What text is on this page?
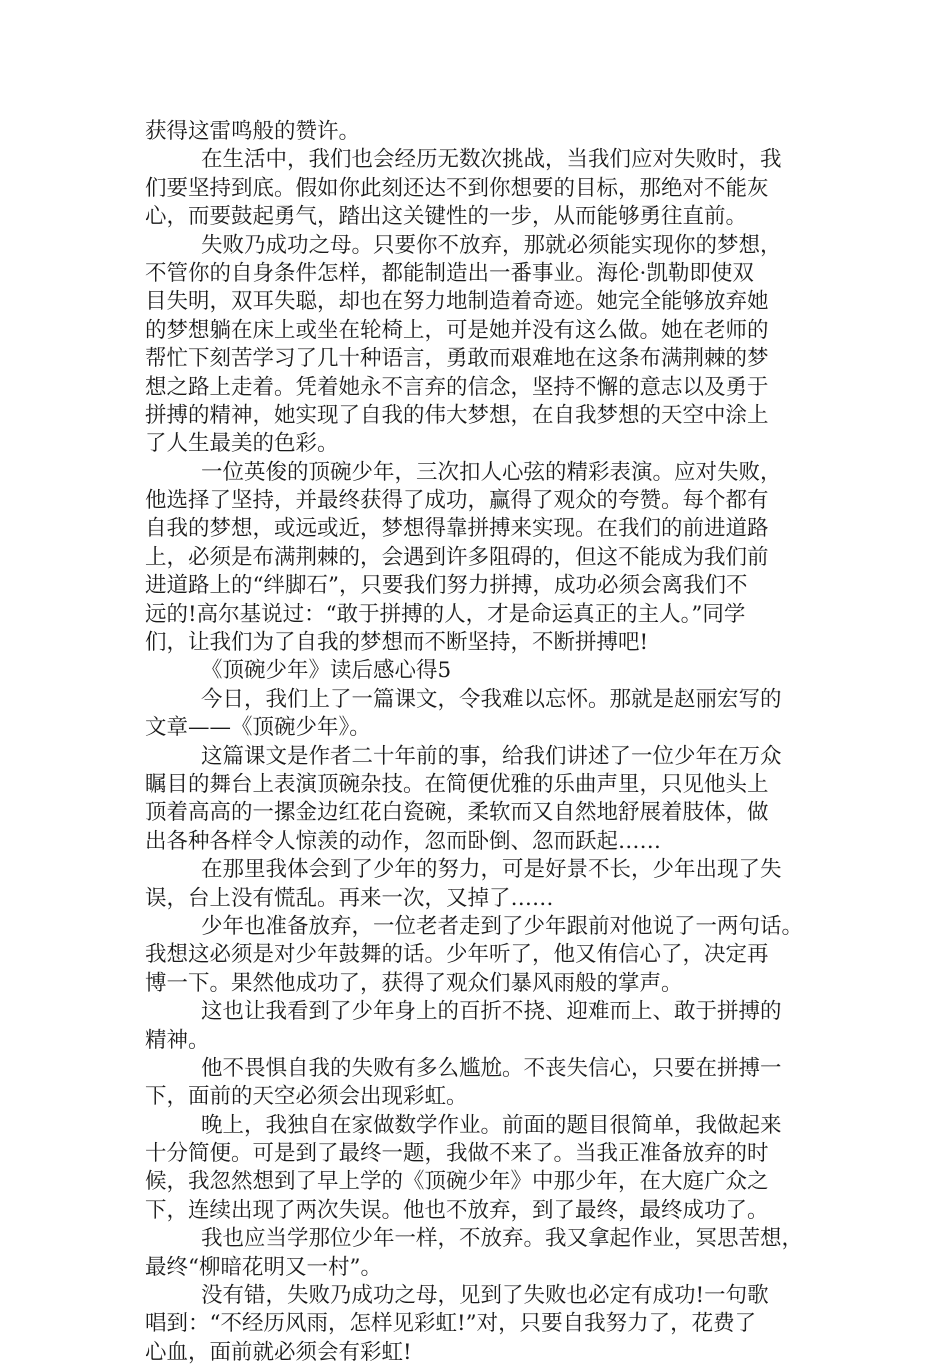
获得这雷鸣般的赞许。
在生活中，我们也会经历无数次挑战，当我们应对失败时，我
们要坚持到底。假如你此刻还达不到你想要的目标，那绝对不能灰
心，而要鼓起勇气，踏出这关键性的一步，从而能够勇往直前。
失败乃成功之母。只要你不放弃，那就必须能实现你的梦想，
不管你的自身条件怎样，都能制造出一番事业。海伦·凯勒即使双
目失明，双耳失聪，却也在努力地制造着奇迹。她完全能够放弃她
的梦想躺在床上或坐在轮椅上，可是她并没有这么做。她在老师的
帮忙下刻苦学习了几十种语言，勇敢而艰难地在这条布满荆棘的梦
想之路上走着。凭着她永不言弃的信念，坚持不懈的意志以及勇于
拼搏的精神，她实现了自我的伟大梦想，在自我梦想的天空中涂上
了人生最美的色彩。
一位英俊的顶碗少年，三次扣人心弦的精彩表演。应对失败，
他选择了坚持，并最终获得了成功，赢得了观众的夸赞。每个都有
自我的梦想，或远或近，梦想得靠拼搏来实现。在我们的前进道路
上，必须是布满荆棘的，会遇到许多阻碍的，但这不能成为我们前
进道路上的“绊脚石”，只要我们努力拼搏，成功必须会离我们不
远的!高尔基说过：“敢于拼搏的人，才是命运真正的主人。”同学
们，让我们为了自我的梦想而不断坚持，不断拼搏吧!
《顶碗少年》读后感心得5
今日，我们上了一篇课文，令我难以忘怀。那就是赵丽宏写的
文章——《顶碗少年》。
这篇课文是作者二十年前的事，给我们讲述了一位少年在万众
瞩目的舞台上表演顶碗杂技。在简便优雅的乐曲声里，只见他头上
顶着高高的一摞金边红花白瓷碗，柔软而又自然地舒展着肢体，做
出各种各样令人惊羡的动作，忽而卧倒、忽而跃起……
在那里我体会到了少年的努力，可是好景不长，少年出现了失
误，台上没有慌乱。再来一次，又掉了……
少年也准备放弃，一位老者走到了少年跟前对他说了一两句话。
我想这必须是对少年鼓舞的话。少年听了，他又侑信心了，决定再
博一下。果然他成功了，获得了观众们暴风雨般的掌声。
这也让我看到了少年身上的百折不挠、迎难而上、敢于拼搏的
精神。
他不畏惧自我的失败有多么尴尬。不丧失信心，只要在拼搏一
下，面前的天空必须会出现彩虹。
晚上，我独自在家做数学作业。前面的题目很简单，我做起来
十分简便。可是到了最终一题，我做不来了。当我正准备放弃的时
候，我忽然想到了早上学的《顶碗少年》中那少年，在大庭广众之
下，连续出现了两次失误。他也不放弃，到了最终，最终成功了。
我也应当学那位少年一样，不放弃。我又拿起作业，冥思苦想，
最终“柳暗花明又一村”。
没有错，失败乃成功之母，见到了失败也必定有成功!一句歌
唱到：“不经历风雨，怎样见彩虹!”对，只要自我努力了，花费了
心血，面前就必须会有彩虹!
